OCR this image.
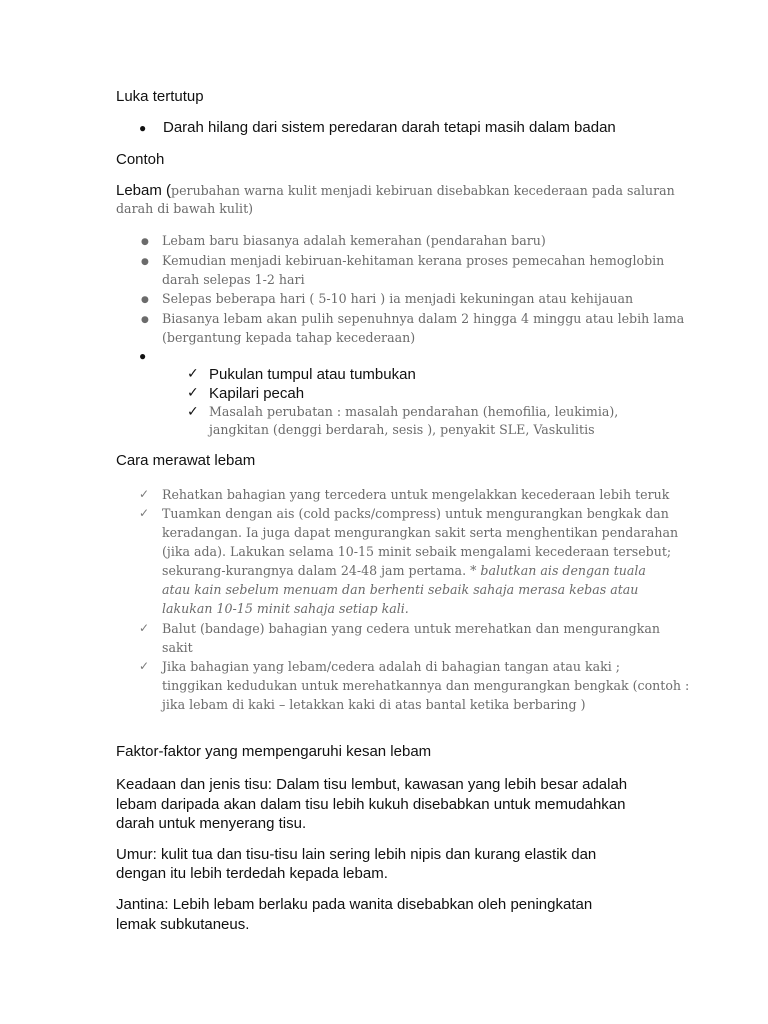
Luka tertutup
● Darah hilang dari sistem peredaran darah tetapi masih dalam badan
Contoh
Lebam (perubahan warna kulit menjadi kebiruan disebabkan kecederaan pada saluran
darah di bawah kulit)
● Lebam baru biasanya adalah kemerahan (pendarahan baru)
● Kemudian menjadi kebiruan-kehitaman kerana proses pemecahan hemoglobin
darah selepas 1-2 hari
● Selepas beberapa hari ( 5-10 hari ) ia menjadi kekuningan atau kehijauan
● Biasanya lebam akan pulih sepenuhnya dalam 2 hingga 4 minggu atau lebih lama
(bergantung kepada tahap kecederaan)
●
✓ Pukulan tumpul atau tumbukan
✓ Kapilari pecah
✓ Masalah perubatan : masalah pendarahan (hemofilia, leukimia),
jangkitan (denggi berdarah, sesis ), penyakit SLE, Vaskulitis
Cara merawat lebam
✓ Rehatkan bahagian yang tercedera untuk mengelakkan kecederaan lebih teruk
✓ Tuamkan dengan ais (cold packs/compress) untuk mengurangkan bengkak dan
keradangan. Ia juga dapat mengurangkan sakit serta menghentikan pendarahan
(jika ada). Lakukan selama 10-15 minit sebaik mengalami kecederaan tersebut;
sekurang-kurangnya dalam 24-48 jam pertama. * balutkan ais dengan tuala
atau kain sebelum menuam dan berhenti sebaik sahaja merasa kebas atau
lakukan 10-15 minit sahaja setiap kali.
✓ Balut (bandage) bahagian yang cedera untuk merehatkan dan mengurangkan
sakit
✓ Jika bahagian yang lebam/cedera adalah di bahagian tangan atau kaki ;
tinggikan kedudukan untuk merehatkannya dan mengurangkan bengkak (contoh :
jika lebam di kaki – letakkan kaki di atas bantal ketika berbaring )
Faktor-faktor yang mempengaruhi kesan lebam
Keadaan dan jenis tisu: Dalam tisu lembut, kawasan yang lebih besar adalah
lebam daripada akan dalam tisu lebih kukuh disebabkan untuk memudahkan
darah untuk menyerang tisu.
Umur: kulit tua dan tisu-tisu lain sering lebih nipis dan kurang elastik dan
dengan itu lebih terdedah kepada lebam.
Jantina: Lebih lebam berlaku pada wanita disebabkan oleh peningkatan
lemak subkutaneus.
